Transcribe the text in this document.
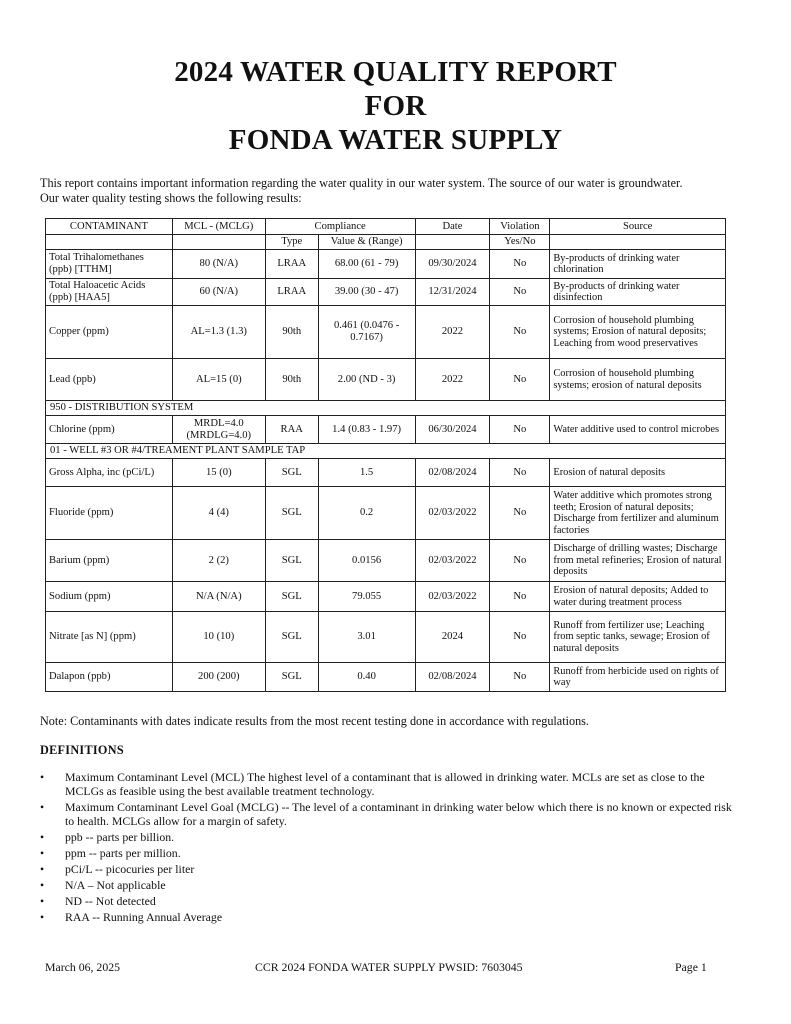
2024 WATER QUALITY REPORT
FOR
FONDA WATER SUPPLY
This report contains important information regarding the water quality in our water system. The source of our water is groundwater.
Our water quality testing shows the following results:
CONTAMINANT	MCL - (MCLG)	Compliance		Date	Violation	Source
		Type	Value & (Range)		Yes/No	
Total Trihalomethanes (ppb) [TTHM]	80 (N/A)	LRAA	68.00 (61 - 79)	09/30/2024	No	By-products of drinking water chlorination
Total Haloacetic Acids (ppb) [HAA5]	60 (N/A)	LRAA	39.00 (30 - 47)	12/31/2024	No	By-products of drinking water disinfection
Copper (ppm)	AL=1.3 (1.3)	90th	0.461 (0.0476 - 0.7167)	2022	No	Corrosion of household plumbing systems; Erosion of natural deposits; Leaching from wood preservatives
Lead (ppb)	AL=15 (0)	90th	2.00 (ND - 3)	2022	No	Corrosion of household plumbing systems; erosion of natural deposits
950 - DISTRIBUTION SYSTEM						
Chlorine (ppm)	MRDL=4.0 (MRDLG=4.0)	RAA	1.4 (0.83 - 1.97)	06/30/2024	No	Water additive used to control microbes
01 - WELL #3 OR #4/TREAMENT PLANT SAMPLE TAP						
Gross Alpha, inc (pCi/L)	15 (0)	SGL	1.5	02/08/2024	No	Erosion of natural deposits
Fluoride (ppm)	4 (4)	SGL	0.2	02/03/2022	No	Water additive which promotes strong teeth; Erosion of natural deposits; Discharge from fertilizer and aluminum factories
Barium (ppm)	2 (2)	SGL	0.0156	02/03/2022	No	Discharge of drilling wastes; Discharge from metal refineries; Erosion of natural deposits
Sodium (ppm)	N/A (N/A)	SGL	79.055	02/03/2022	No	Erosion of natural deposits; Added to water during treatment process
Nitrate [as N] (ppm)	10 (10)	SGL	3.01	2024	No	Runoff from fertilizer use; Leaching from septic tanks, sewage; Erosion of natural deposits
Dalapon (ppb)	200 (200)	SGL	0.40	02/08/2024	No	Runoff from herbicide used on rights of way
Note: Contaminants with dates indicate results from the most recent testing done in accordance with regulations.
DEFINITIONS
• Maximum Contaminant Level (MCL) The highest level of a contaminant that is allowed in drinking water. MCLs are set as close to the MCLGs as feasible using the best available treatment technology.
• Maximum Contaminant Level Goal (MCLG) -- The level of a contaminant in drinking water below which there is no known or expected risk to health. MCLGs allow for a margin of safety.
• ppb -- parts per billion.
• ppm -- parts per million.
• pCi/L -- picocuries per liter
• N/A – Not applicable
• ND -- Not detected
• RAA -- Running Annual Average
March 06, 2025	CCR 2024 FONDA WATER SUPPLY PWSID: 7603045	Page 1
